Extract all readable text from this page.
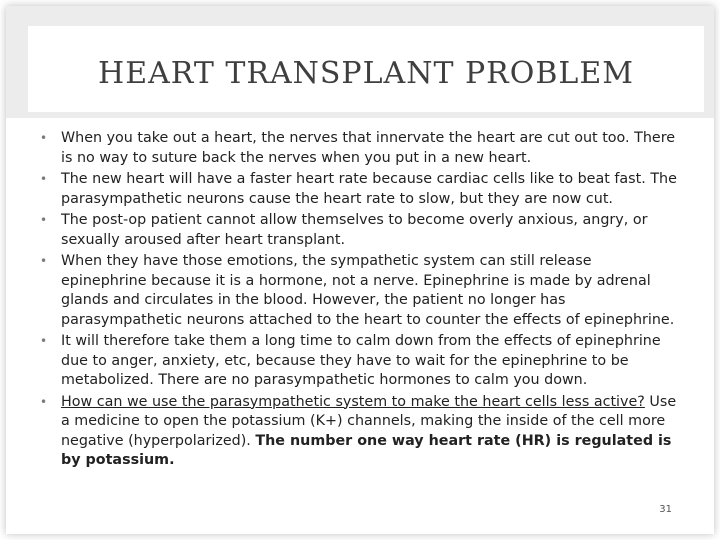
HEART TRANSPLANT PROBLEM
• When you take out a heart, the nerves that innervate the heart are cut out too. There is no way to suture back the nerves when you put in a new heart.
• The new heart will have a faster heart rate because cardiac cells like to beat fast. The parasympathetic neurons cause the heart rate to slow, but they are now cut.
• The post-op patient cannot allow themselves to become overly anxious, angry, or sexually aroused after heart transplant.
• When they have those emotions, the sympathetic system can still release epinephrine because it is a hormone, not a nerve. Epinephrine is made by adrenal glands and circulates in the blood. However, the patient no longer has parasympathetic neurons attached to the heart to counter the effects of epinephrine.
• It will therefore take them a long time to calm down from the effects of epinephrine due to anger, anxiety, etc, because they have to wait for the epinephrine to be metabolized. There are no parasympathetic hormones to calm you down.
• How can we use the parasympathetic system to make the heart cells less active? Use a medicine to open the potassium (K+) channels, making the inside of the cell more negative (hyperpolarized). The number one way heart rate (HR) is regulated is by potassium.
31
